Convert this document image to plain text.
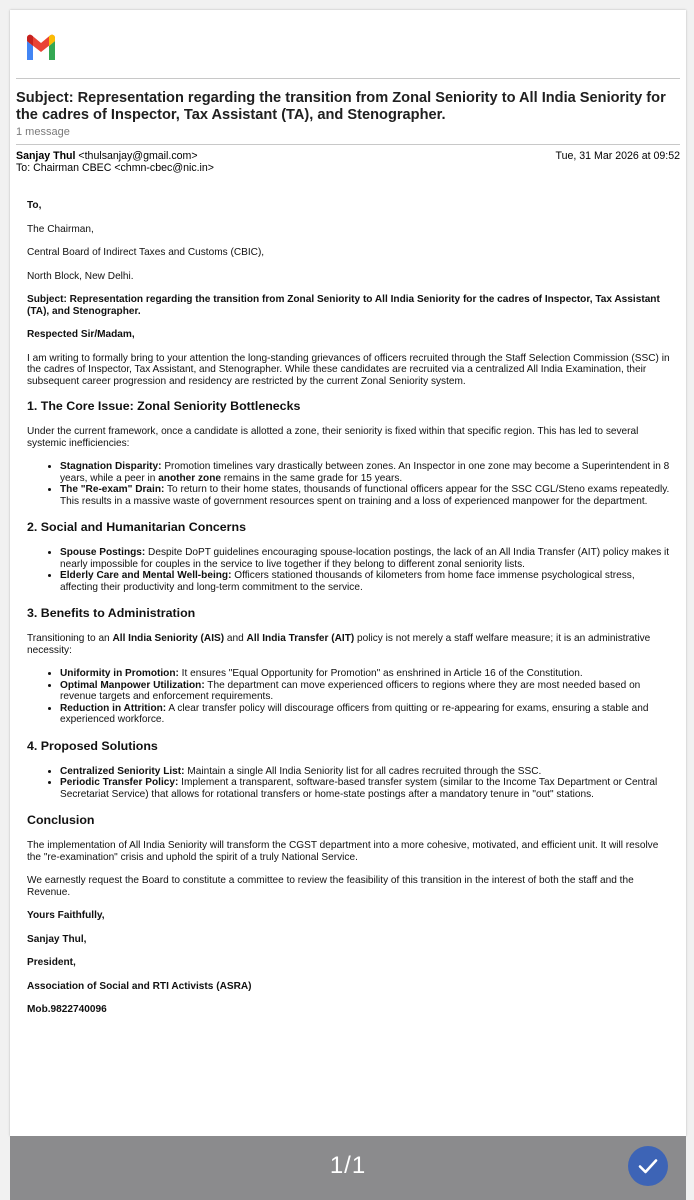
Subject: Representation regarding the transition from Zonal Seniority to All India Seniority for the cadres of Inspector, Tax Assistant (TA), and Stenographer.
1 message
Sanjay Thul <thulsanjay@gmail.com>
To: Chairman CBEC <chmn-cbec@nic.in>
Tue, 31 Mar 2026 at 09:52

To,

The Chairman,

Central Board of Indirect Taxes and Customs (CBIC),

North Block, New Delhi.

Subject: Representation regarding the transition from Zonal Seniority to All India Seniority for the cadres of Inspector, Tax Assistant (TA), and Stenographer.

Respected Sir/Madam,

I am writing to formally bring to your attention the long-standing grievances of officers recruited through the Staff Selection Commission (SSC) in the cadres of Inspector, Tax Assistant, and Stenographer. While these candidates are recruited via a centralized All India Examination, their subsequent career progression and residency are restricted by the current Zonal Seniority system.

1. The Core Issue: Zonal Seniority Bottlenecks

Under the current framework, once a candidate is allotted a zone, their seniority is fixed within that specific region. This has led to several systemic inefficiencies:

• Stagnation Disparity: Promotion timelines vary drastically between zones. An Inspector in one zone may become a Superintendent in 8 years, while a peer in another zone remains in the same grade for 15 years.
• The "Re-exam" Drain: To return to their home states, thousands of functional officers appear for the SSC CGL/Steno exams repeatedly. This results in a massive waste of government resources spent on training and a loss of experienced manpower for the department.
2. Social and Humanitarian Concerns
• Spouse Postings: Despite DoPT guidelines encouraging spouse-location postings, the lack of an All India Transfer (AIT) policy makes it nearly impossible for couples in the service to live together if they belong to different zonal seniority lists.
• Elderly Care and Mental Well-being: Officers stationed thousands of kilometers from home face immense psychological stress, affecting their productivity and long-term commitment to the service.
3. Benefits to Administration

Transitioning to an All India Seniority (AIS) and All India Transfer (AIT) policy is not merely a staff welfare measure; it is an administrative necessity:

• Uniformity in Promotion: It ensures "Equal Opportunity for Promotion" as enshrined in Article 16 of the Constitution.
• Optimal Manpower Utilization: The department can move experienced officers to regions where they are most needed based on revenue targets and enforcement requirements.
• Reduction in Attrition: A clear transfer policy will discourage officers from quitting or re-appearing for exams, ensuring a stable and experienced workforce.
4. Proposed Solutions
• Centralized Seniority List: Maintain a single All India Seniority list for all cadres recruited through the SSC.
• Periodic Transfer Policy: Implement a transparent, software-based transfer system (similar to the Income Tax Department or Central Secretariat Service) that allows for rotational transfers or home-state postings after a mandatory tenure in "out" stations.
Conclusion

The implementation of All India Seniority will transform the CGST department into a more cohesive, motivated, and efficient unit. It will resolve the "re-examination" crisis and uphold the spirit of a truly National Service.

We earnestly request the Board to constitute a committee to review the feasibility of this transition in the interest of both the staff and the Revenue.

Yours Faithfully,

Sanjay Thul,

President,

Association of Social and RTI Activists (ASRA)

Mob.9822740096

1/1
